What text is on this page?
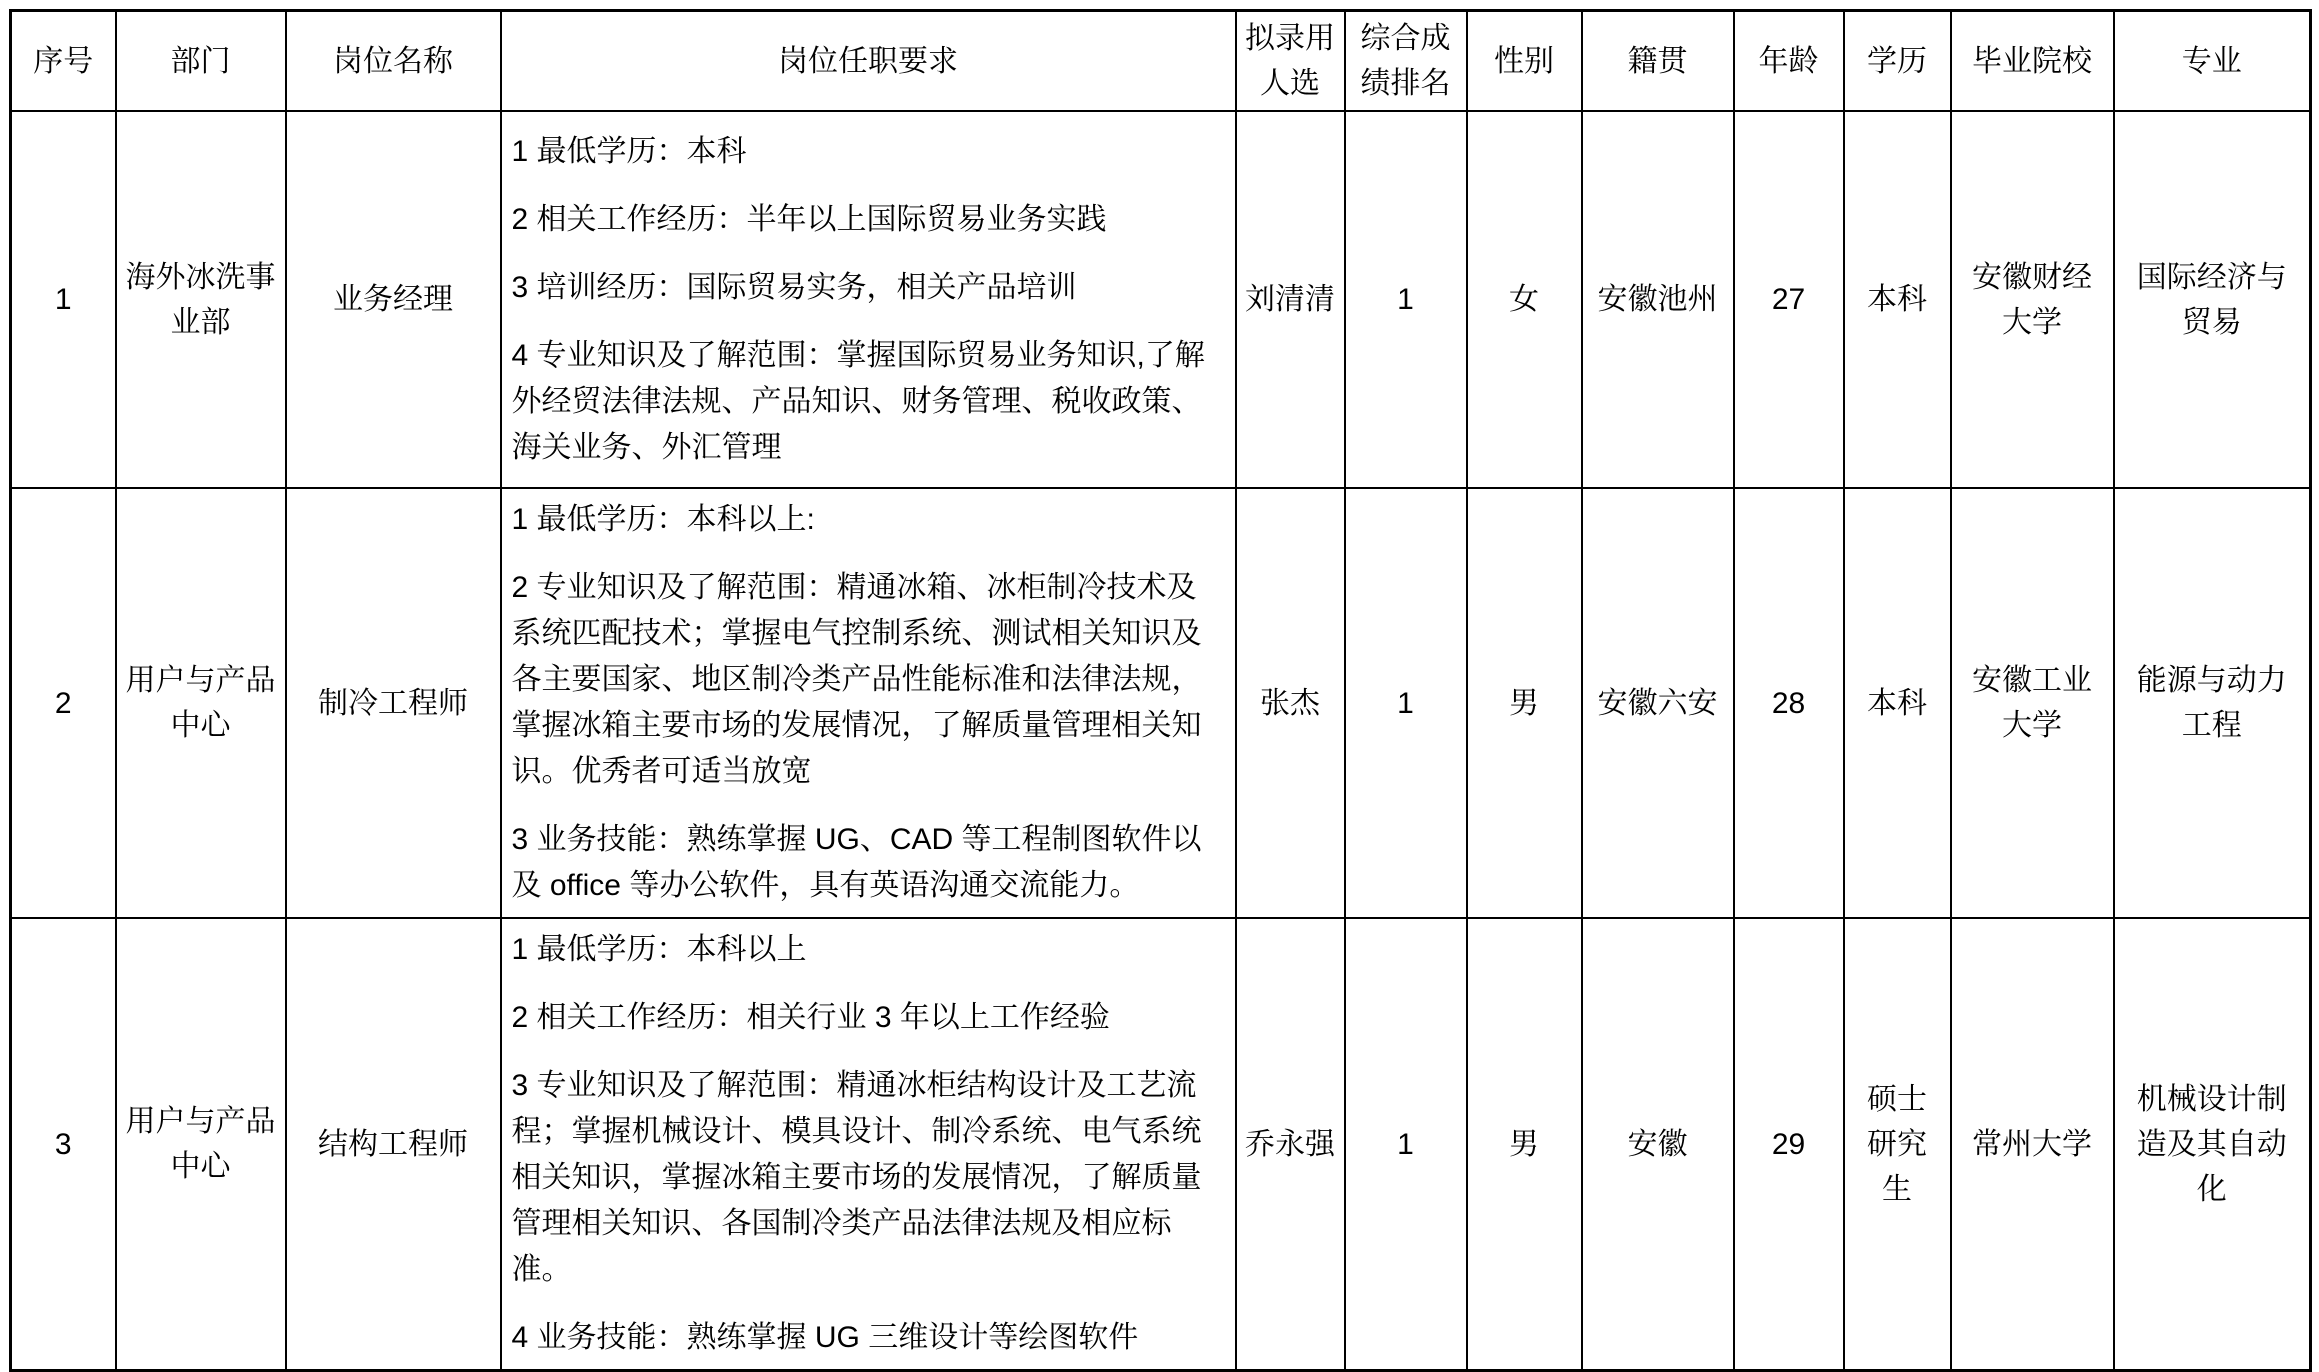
序号	部门	岗位名称	岗位任职要求	拟录用人选	综合成绩排名	性别	籍贯	年龄	学历	毕业院校	专业
1	海外冰洗事业部	业务经理	1 最低学历：本科

2 相关工作经历：半年以上国际贸易业务实践

3 培训经历：国际贸易实务，相关产品培训

4 专业知识及了解范围：掌握国际贸易业务知识,了解外经贸法律法规、产品知识、财务管理、税收政策、海关业务、外汇管理	刘清清	1	女	安徽池州	27	本科	安徽财经大学	国际经济与贸易
2	用户与产品中心	制冷工程师	1 最低学历：本科以上:

2 专业知识及了解范围：精通冰箱、冰柜制冷技术及系统匹配技术；掌握电气控制系统、测试相关知识及各主要国家、地区制冷类产品性能标准和法律法规，掌握冰箱主要市场的发展情况，了解质量管理相关知识。优秀者可适当放宽

3 业务技能：熟练掌握 UG、CAD 等工程制图软件以及 office 等办公软件，具有英语沟通交流能力。	张杰	1	男	安徽六安	28	本科	安徽工业大学	能源与动力工程
3	用户与产品中心	结构工程师	1 最低学历：本科以上

2 相关工作经历：相关行业 3 年以上工作经验

3 专业知识及了解范围：精通冰柜结构设计及工艺流程；掌握机械设计、模具设计、制冷系统、电气系统相关知识，掌握冰箱主要市场的发展情况，了解质量管理相关知识、各国制冷类产品法律法规及相应标准。

4 业务技能：熟练掌握 UG 三维设计等绘图软件	乔永强	1	男	安徽	29	硕士研究生	常州大学	机械设计制造及其自动化
